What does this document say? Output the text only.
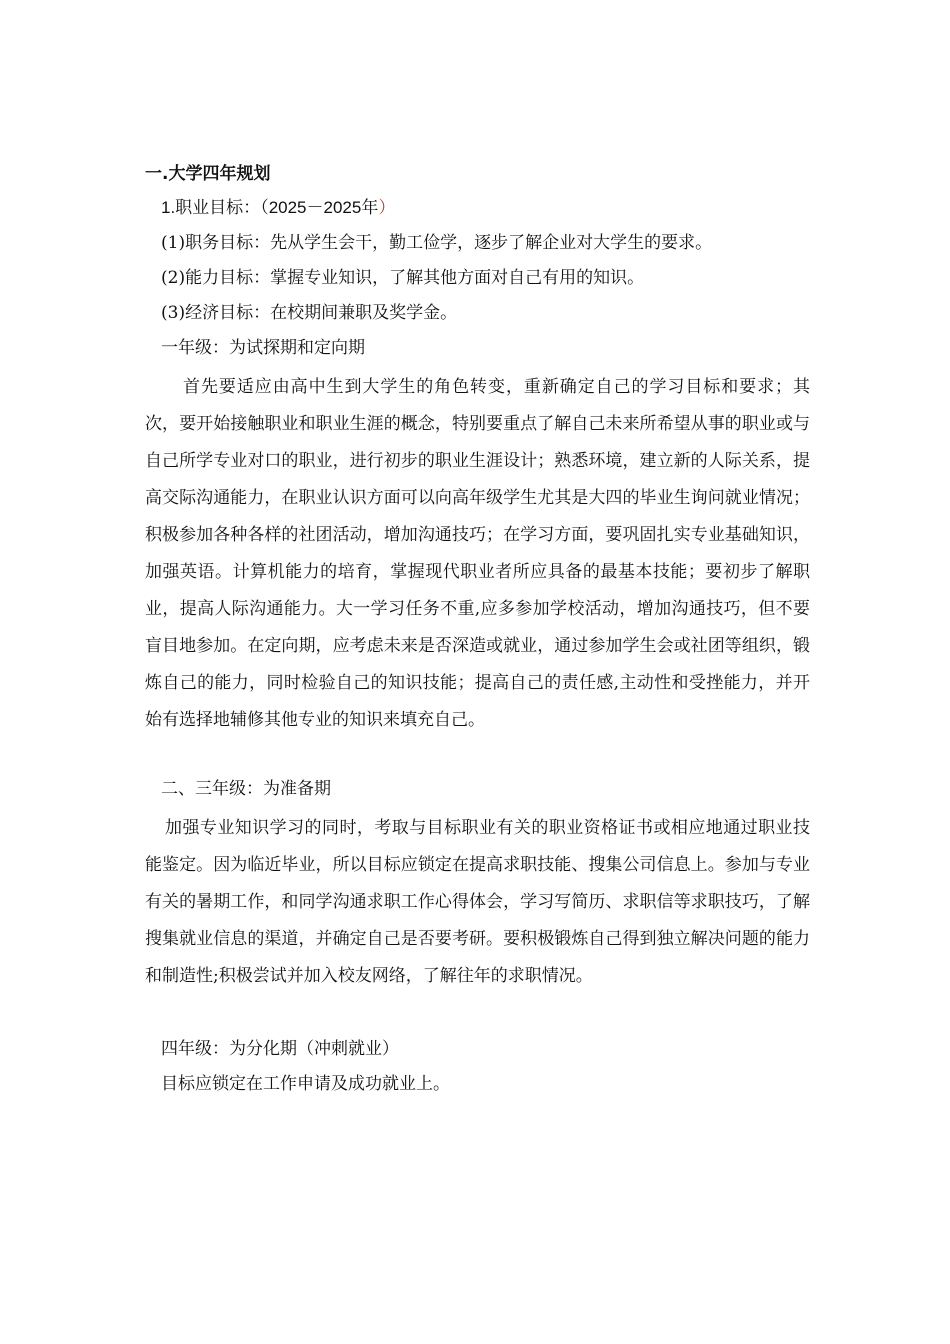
一.大学四年规划

1.职业目标：（2025－2025年）

(1)职务目标：先从学生会干，勤工俭学，逐步了解企业对大学生的要求。

(2)能力目标：掌握专业知识，了解其他方面对自己有用的知识。

(3)经济目标：在校期间兼职及奖学金。

一年级：为试探期和定向期

首先要适应由高中生到大学生的角色转变，重新确定自己的学习目标和要求；其次，要开始接触职业和职业生涯的概念，特别要重点了解自己未来所希望从事的职业或与自己所学专业对口的职业，进行初步的职业生涯设计；熟悉环境，建立新的人际关系，提高交际沟通能力，在职业认识方面可以向高年级学生尤其是大四的毕业生询问就业情况；积极参加各种各样的社团活动，增加沟通技巧；在学习方面，要巩固扎实专业基础知识，加强英语。计算机能力的培育，掌握现代职业者所应具备的最基本技能；要初步了解职业，提高人际沟通能力。大一学习任务不重,应多参加学校活动，增加沟通技巧，但不要盲目地参加。在定向期，应考虑未来是否深造或就业，通过参加学生会或社团等组织，锻炼自己的能力，同时检验自己的知识技能；提高自己的责任感,主动性和受挫能力，并开始有选择地辅修其他专业的知识来填充自己。

二、三年级：为准备期

加强专业知识学习的同时，考取与目标职业有关的职业资格证书或相应地通过职业技能鉴定。因为临近毕业，所以目标应锁定在提高求职技能、搜集公司信息上。参加与专业有关的暑期工作，和同学沟通求职工作心得体会，学习写简历、求职信等求职技巧，了解搜集就业信息的渠道，并确定自己是否要考研。要积极锻炼自己得到独立解决问题的能力和制造性;积极尝试并加入校友网络，了解往年的求职情况。

四年级：为分化期（冲刺就业）

目标应锁定在工作申请及成功就业上。
